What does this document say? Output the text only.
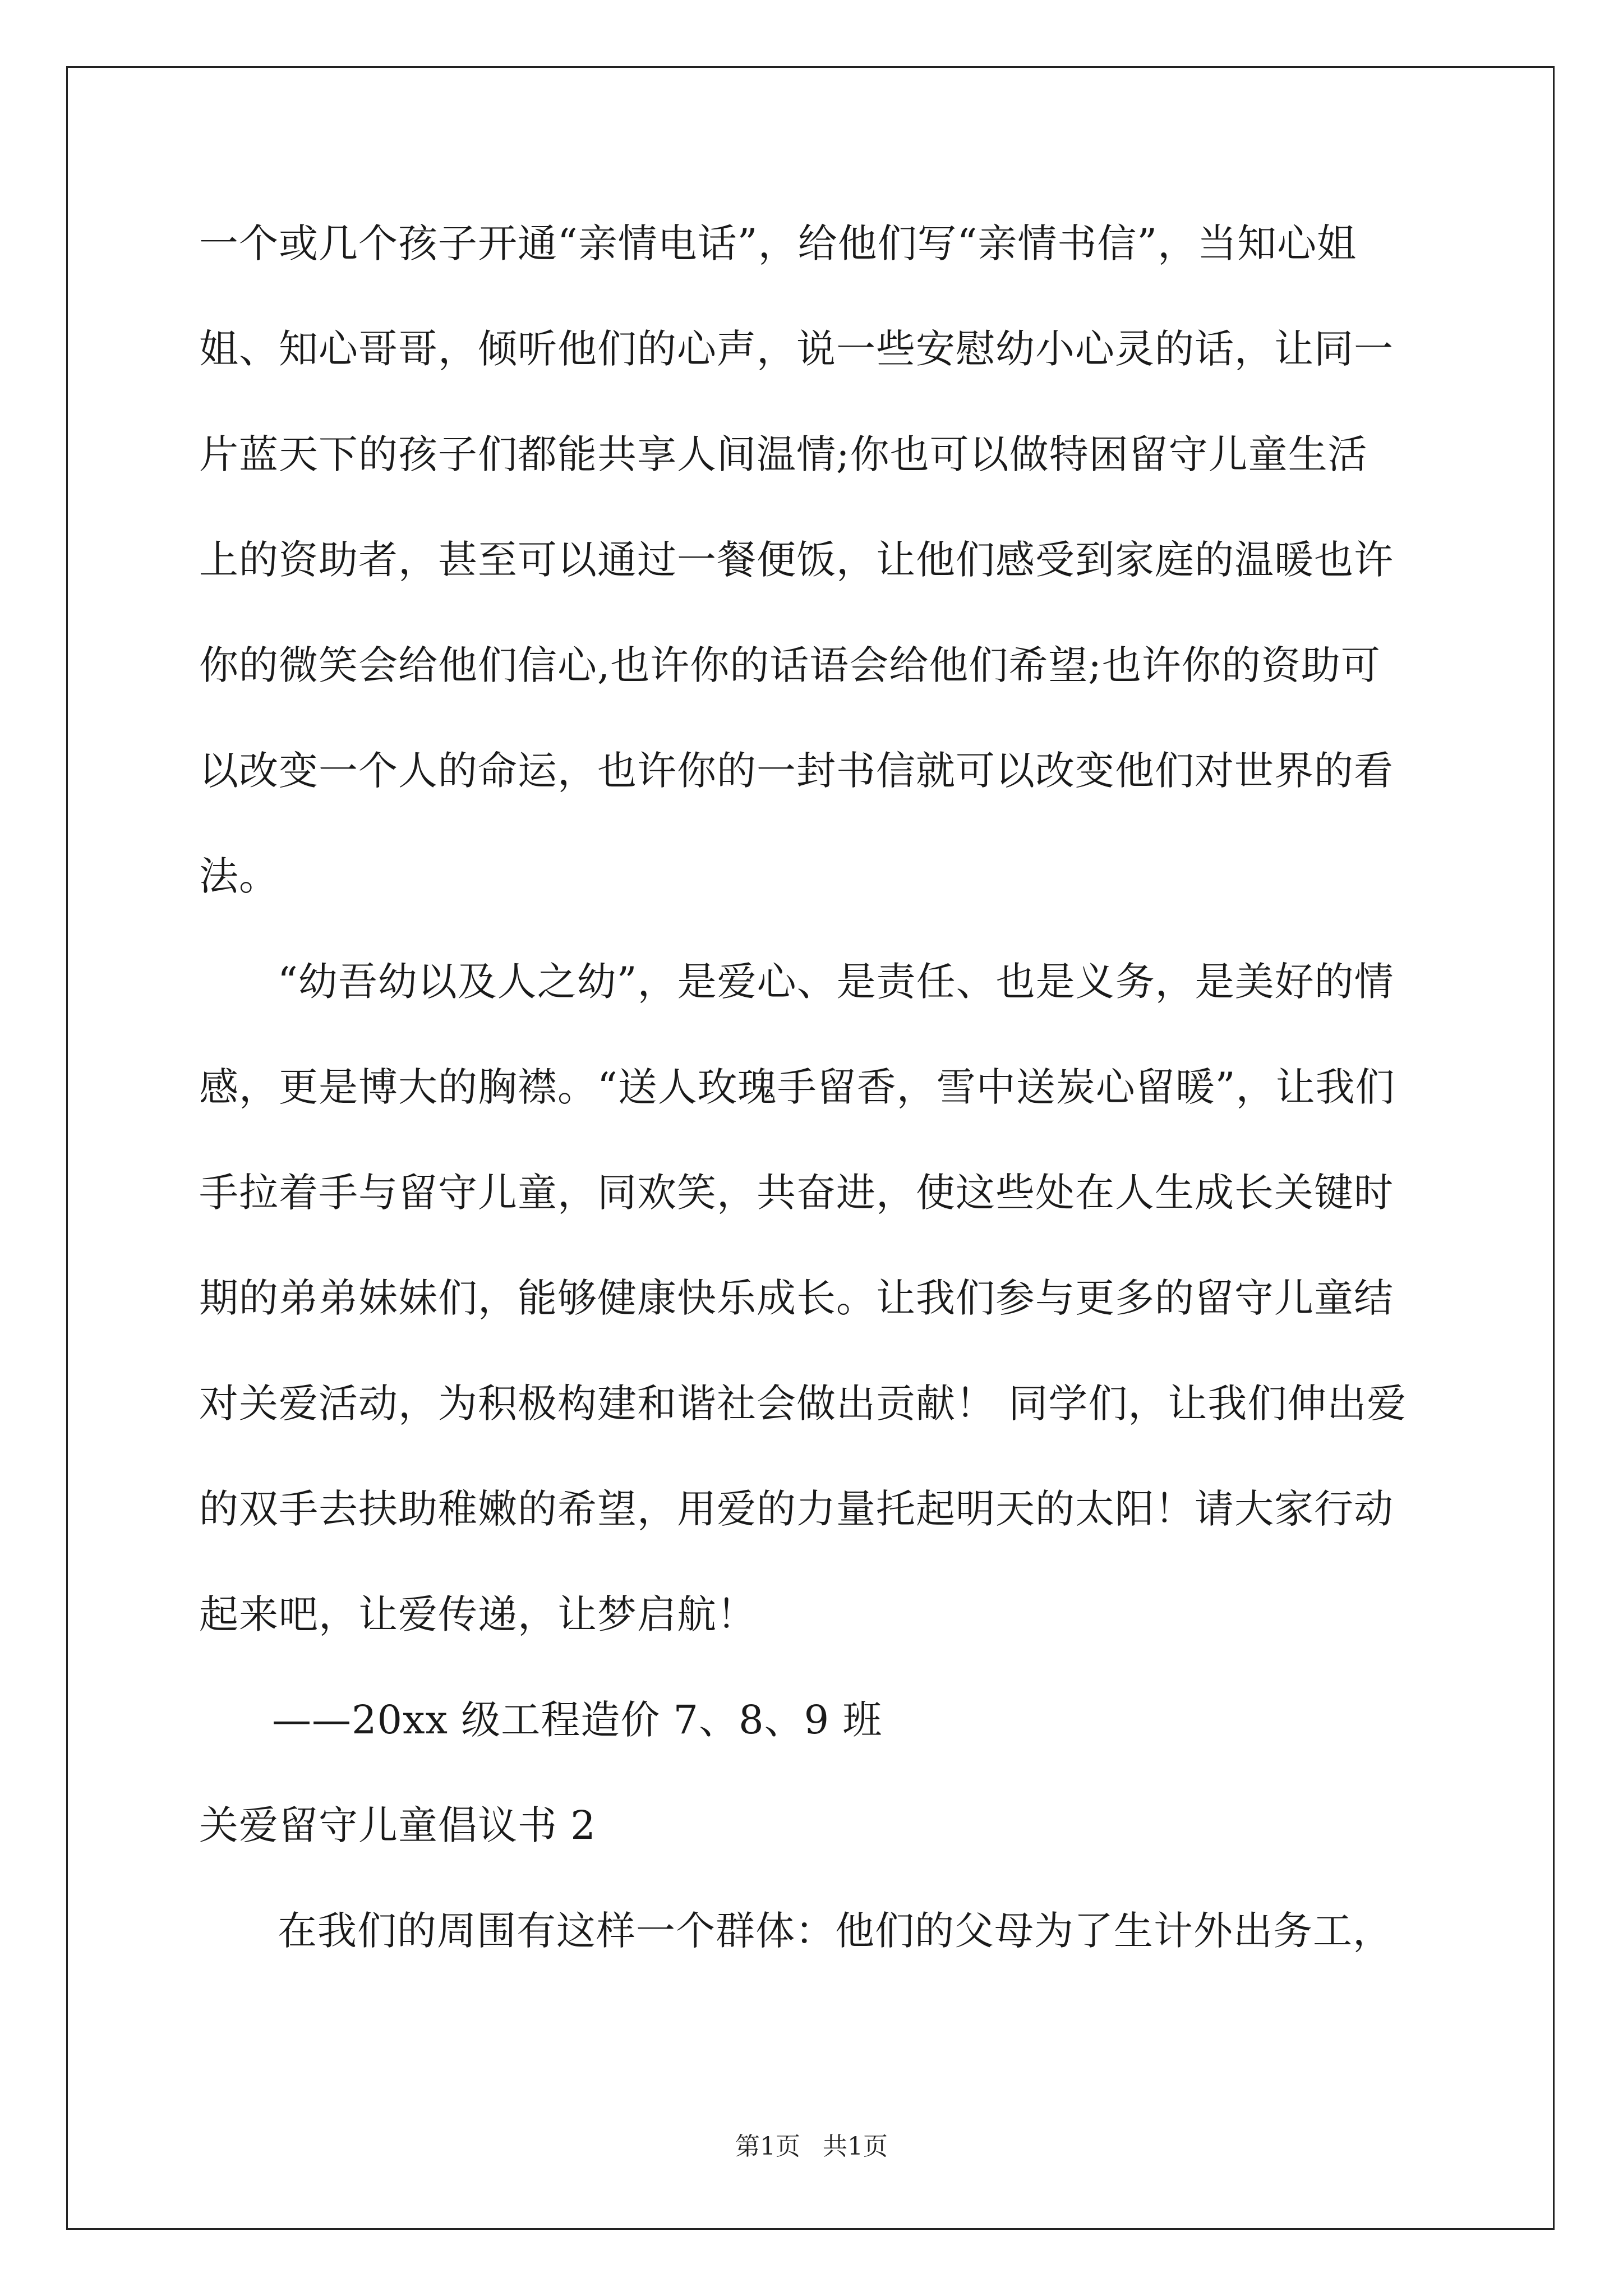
一个或几个孩子开通“亲情电话”，给他们写“亲情书信”，当知心姐
姐、知心哥哥，倾听他们的心声，说一些安慰幼小心灵的话，让同一
片蓝天下的孩子们都能共享人间温情;你也可以做特困留守儿童生活
上的资助者，甚至可以通过一餐便饭，让他们感受到家庭的温暖也许
你的微笑会给他们信心,也许你的话语会给他们希望;也许你的资助可
以改变一个人的命运，也许你的一封书信就可以改变他们对世界的看
法。
“幼吾幼以及人之幼”，是爱心、是责任、也是义务，是美好的情
感，更是博大的胸襟。“送人玫瑰手留香，雪中送炭心留暖”，让我们
手拉着手与留守儿童，同欢笑，共奋进，使这些处在人生成长关键时
期的弟弟妹妹们，能够健康快乐成长。让我们参与更多的留守儿童结
对关爱活动，为积极构建和谐社会做出贡献！ 同学们，让我们伸出爱
的双手去扶助稚嫩的希望，用爱的力量托起明天的太阳！请大家行动
起来吧，让爱传递，让梦启航！
——20xx 级工程造价 7、8、9 班
关爱留守儿童倡议书 2
在我们的周围有这样一个群体：他们的父母为了生计外出务工，
第1页 共1页
